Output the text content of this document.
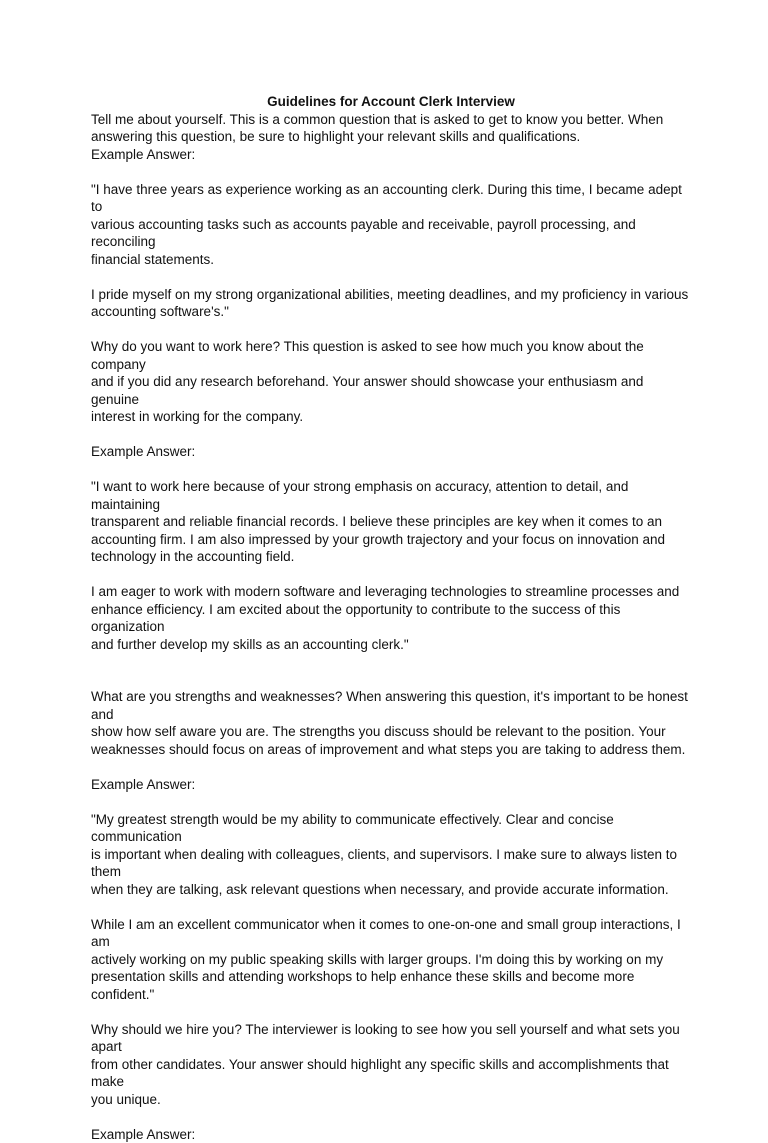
Guidelines for Account Clerk Interview

Tell me about yourself. This is a common question that is asked to get to know you better. When
answering this question, be sure to highlight your relevant skills and qualifications.

Example Answer:

"I have three years as experience working as an accounting clerk. During this time, I became adept to
various accounting tasks such as accounts payable and receivable, payroll processing, and reconciling
financial statements.

I pride myself on my strong organizational abilities, meeting deadlines, and my proficiency in various
accounting software's."

Why do you want to work here? This question is asked to see how much you know about the company
and if you did any research beforehand. Your answer should showcase your enthusiasm and genuine
interest in working for the company.

Example Answer:

"I want to work here because of your strong emphasis on accuracy, attention to detail, and maintaining
transparent and reliable financial records. I believe these principles are key when it comes to an
accounting firm. I am also impressed by your growth trajectory and your focus on innovation and
technology in the accounting field.

I am eager to work with modern software and leveraging technologies to streamline processes and
enhance efficiency. I am excited about the opportunity to contribute to the success of this organization
and further develop my skills as an accounting clerk."

What are you strengths and weaknesses? When answering this question, it's important to be honest and
show how self aware you are. The strengths you discuss should be relevant to the position. Your
weaknesses should focus on areas of improvement and what steps you are taking to address them.

Example Answer:

"My greatest strength would be my ability to communicate effectively. Clear and concise communication
is important when dealing with colleagues, clients, and supervisors. I make sure to always listen to them
when they are talking, ask relevant questions when necessary, and provide accurate information.

While I am an excellent communicator when it comes to one-on-one and small group interactions, I am
actively working on my public speaking skills with larger groups. I'm doing this by working on my
presentation skills and attending workshops to help enhance these skills and become more confident."

Why should we hire you? The interviewer is looking to see how you sell yourself and what sets you apart
from other candidates. Your answer should highlight any specific skills and accomplishments that make
you unique.

Example Answer:
